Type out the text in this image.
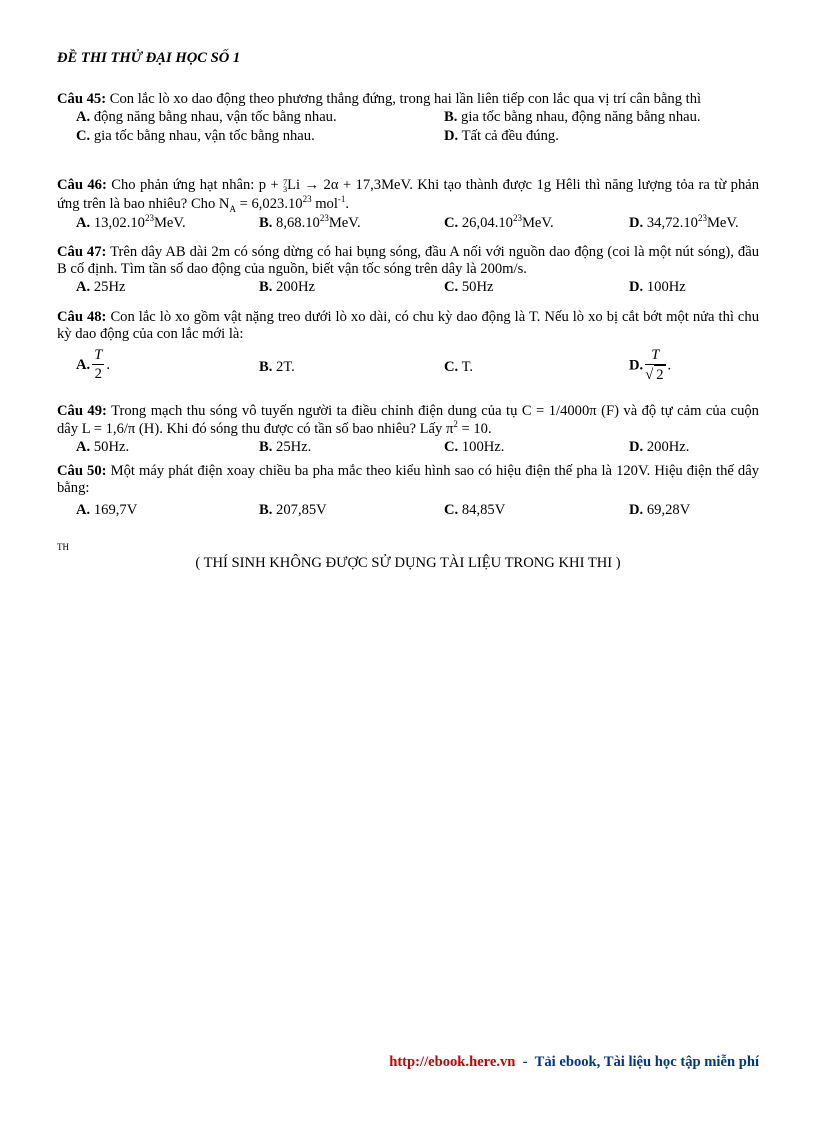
ĐỀ THI THỬ ĐẠI HỌC SỐ 1
Câu 45: Con lắc lò xo dao động theo phương thẳng đứng, trong hai lần liên tiếp con lắc qua vị trí cân bằng thì
A. động năng bằng nhau, vận tốc bằng nhau.	B. gia tốc bằng nhau, động năng bằng nhau.
C. gia tốc bằng nhau, vận tốc bằng nhau.	D. Tất cả đều đúng.
Câu 46: Cho phản ứng hạt nhân: p + 7
3 Li → 2α + 17,3MeV. Khi tạo thành được 1g Hêli thì năng lượng tỏa ra từ phản ứng trên là bao nhiêu? Cho $N_A = 6,023.10^{23}$ mol$^{-1}$.
A. 13,02.10$^{23}$MeV.	B. 8,68.10$^{23}$MeV.	C. 26,04.10$^{23}$MeV.	D. 34,72.10$^{23}$MeV.
Câu 47: Trên dây AB dài 2m có sóng dừng có hai bụng sóng, đầu A nối với nguồn dao động (coi là một nút sóng), đầu B cố định. Tìm tần số dao động của nguồn, biết vận tốc sóng trên dây là 200m/s.
A. 25Hz	B. 200Hz	C. 50Hz	D. 100Hz
Câu 48: Con lắc lò xo gồm vật nặng treo dưới lò xo dài, có chu kỳ dao động là T. Nếu lò xo bị cắt bớt một nửa thì chu kỳ dao động của con lắc mới là:
A. $\frac{T}{2}$ .	B. 2T.	C. T.	D. $\frac{T}{√ 2}$ .
Câu 49: Trong mạch thu sóng vô tuyến người ta điều chỉnh điện dung của tụ C = 1/4000π (F) và độ tự cảm của cuộn dây L = 1,6/π (H). Khi đó sóng thu được có tần số bao nhiêu? Lấy $\pi^2 = 10$.
A. 50Hz.	B. 25Hz.	C. 100Hz.	D. 200Hz.
Câu 50: Một máy phát điện xoay chiều ba pha mắc theo kiểu hình sao có hiệu điện thế pha là 120V. Hiệu điện thế dây bằng:
A. 169,7V	B. 207,85V	C. 84,85V	D. 69,28V
TH
( THÍ SINH KHÔNG ĐƯỢC SỬ DỤNG TÀI LIỆU TRONG KHI THI )
http://ebook.here.vn  -  Tải ebook, Tài liệu học tập miễn phí
